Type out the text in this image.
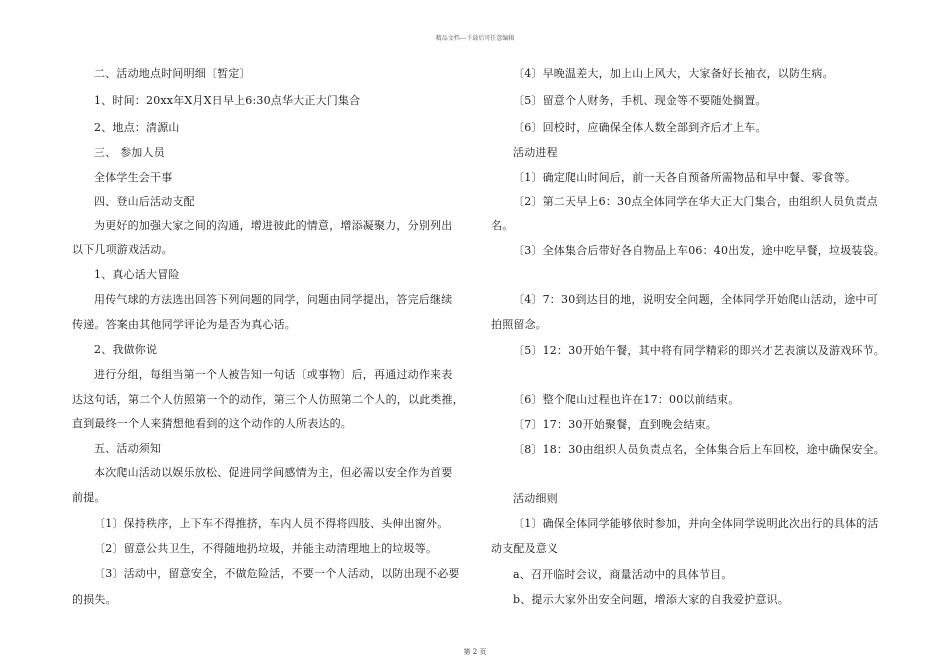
精品文档---下载后可任意编辑
二、活动地点时间明细〔暂定〕
1、时间：20xx年X月X日早上6:30点华大正大门集合
2、地点：清源山
三、 参加人员
全体学生会干事
四、登山后活动支配
为更好的加强大家之间的沟通，增进彼此的情意，增添凝聚力，分别列出
以下几项游戏活动。
1、真心话大冒险
用传气球的方法选出回答下列问题的同学，问题由同学提出，答完后继续
传递。答案由其他同学评论为是否为真心话。
2、我做你说
进行分组，每组当第一个人被告知一句话〔或事物〕后，再通过动作来表
达这句话，第二个人仿照第一个的动作，第三个人仿照第二个人的，以此类推，
直到最终一个人来猜想他看到的这个动作的人所表达的。
五、活动须知
本次爬山活动以娱乐放松、促进同学间感情为主，但必需以安全作为首要
前提。
〔1〕保持秩序，上下车不得推挤，车内人员不得将四肢、头伸出窗外。
〔2〕留意公共卫生，不得随地扔垃圾，并能主动清理地上的垃圾等。
〔3〕活动中，留意安全，不做危险活，不要一个人活动，以防出现不必要
的损失。
〔4〕早晚温差大，加上山上风大，大家备好长袖衣，以防生病。
〔5〕留意个人财务，手机、现金等不要随处搁置。
〔6〕回校时，应确保全体人数全部到齐后才上车。
活动进程
〔1〕确定爬山时间后，前一天各自预备所需物品和早中餐、零食等。
〔2〕第二天早上6：30点全体同学在华大正大门集合，由组织人员负责点
名。
〔3〕全体集合后带好各自物品上车06：40出发，途中吃早餐，垃圾装袋。
〔4〕7：30到达目的地，说明安全问题，全体同学开始爬山活动，途中可
拍照留念。
〔5〕12：30开始午餐，其中将有同学精彩的即兴才艺表演以及游戏环节。
〔6〕整个爬山过程也许在17：00以前结束。
〔7〕17：30开始聚餐，直到晚会结束。
〔8〕18：30由组织人员负责点名，全体集合后上车回校，途中确保安全。
活动细则
〔1〕确保全体同学能够依时参加，并向全体同学说明此次出行的具体的活
动支配及意义
a、召开临时会议，商量活动中的具体节目。
b、提示大家外出安全问题，增添大家的自我爱护意识。
第 2 页
